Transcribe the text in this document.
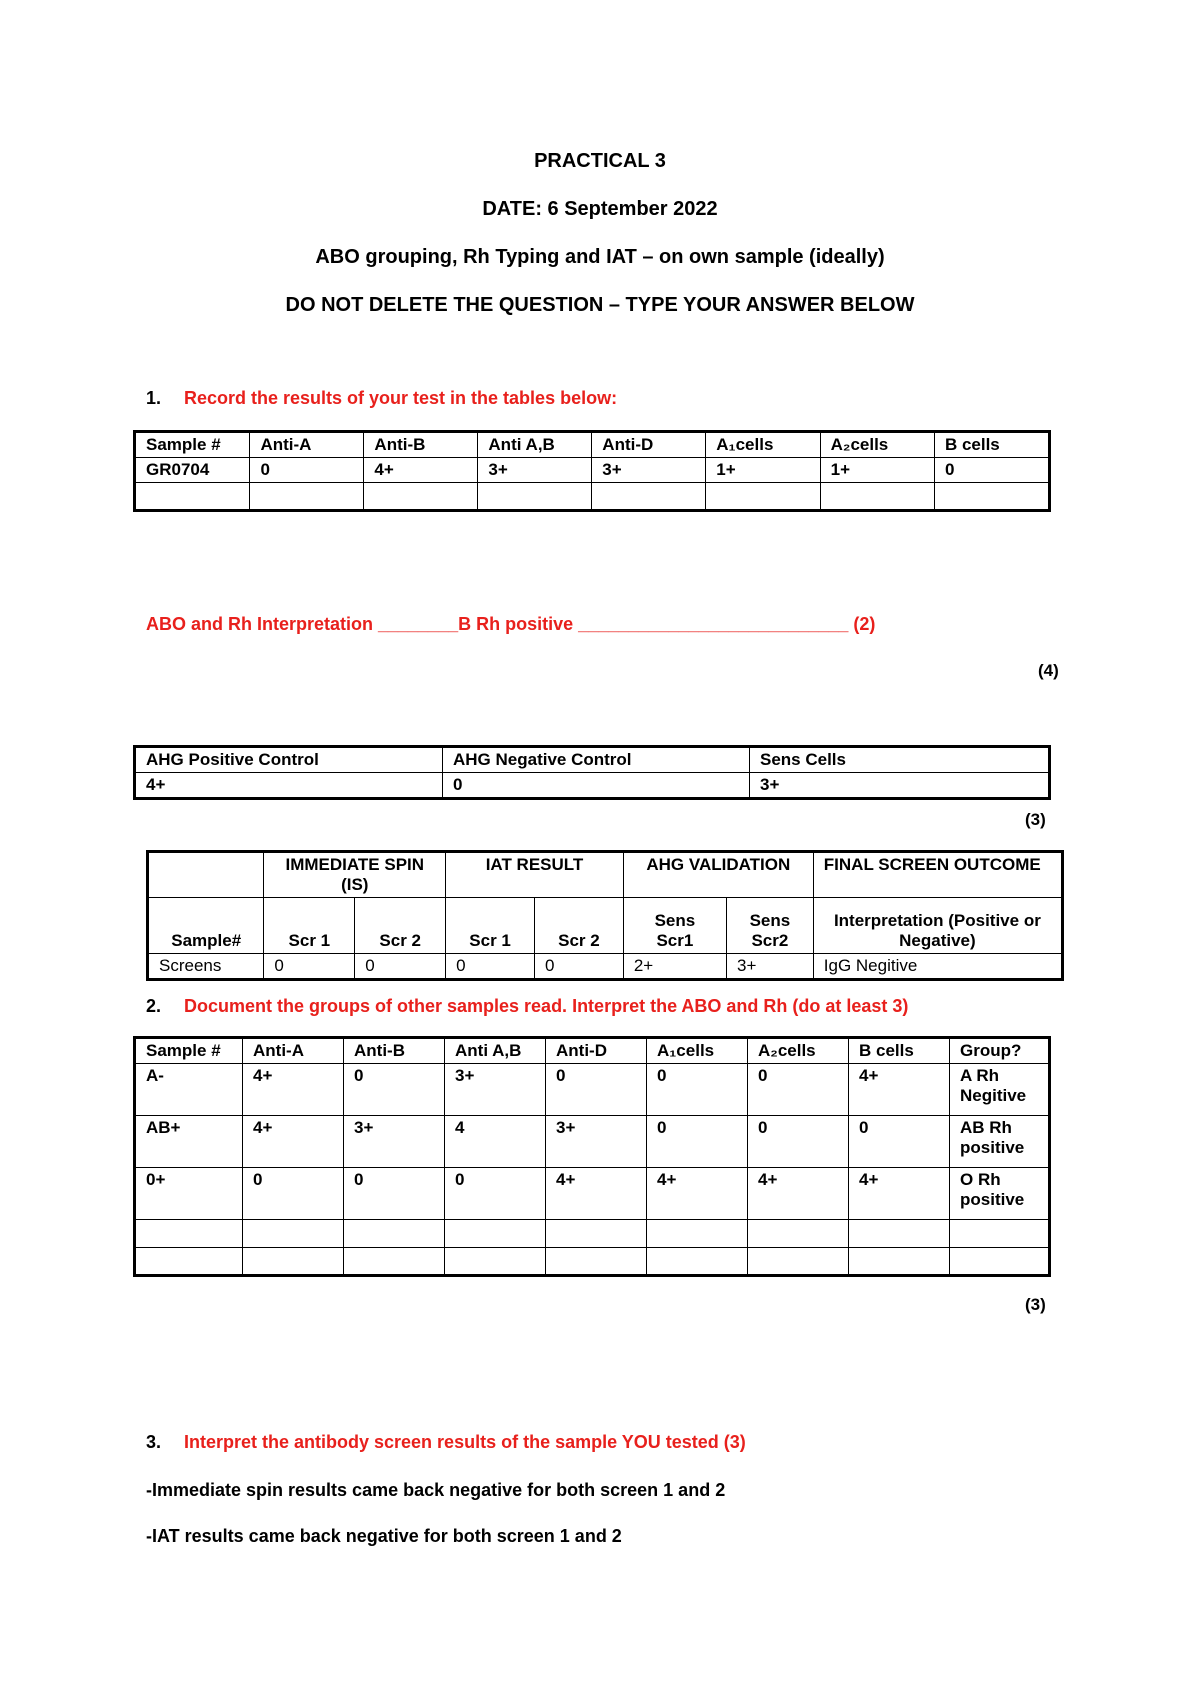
PRACTICAL 3
DATE: 6 September 2022
ABO grouping, Rh Typing and IAT – on own sample (ideally)
DO NOT DELETE THE QUESTION – TYPE YOUR ANSWER BELOW
1. Record the results of your test in the tables below:
Sample #	Anti-A	Anti-B	Anti A,B	Anti-D	A₁cells	A₂cells	B cells
GR0704	0	4+	3+	3+	1+	1+	0

ABO and Rh Interpretation ________B Rh positive ___________________________ (2)
(4)
AHG Positive Control	AHG Negative Control	Sens Cells
4+	0	3+
(3)
	IMMEDIATE SPIN (IS)		IAT RESULT		AHG VALIDATION		FINAL SCREEN OUTCOME
Sample#	Scr 1	Scr 2	Scr 1	Scr 2	Sens Scr1	Sens Scr2	Interpretation (Positive or Negative)
Screens	0	0	0	0	2+	3+	IgG Negitive
2. Document the groups of other samples read. Interpret the ABO and Rh (do at least 3)
Sample #	Anti-A	Anti-B	Anti A,B	Anti-D	A₁cells	A₂cells	B cells	Group?
A-	4+	0	3+	0	0	0	4+	A Rh Negitive
AB+	4+	3+	4	3+	0	0	0	AB Rh positive
0+	0	0	0	4+	4+	4+	4+	O Rh positive

(3)
3. Interpret the antibody screen results of the sample YOU tested (3)
-Immediate spin results came back negative for both screen 1 and 2
-IAT results came back negative for both screen 1 and 2
